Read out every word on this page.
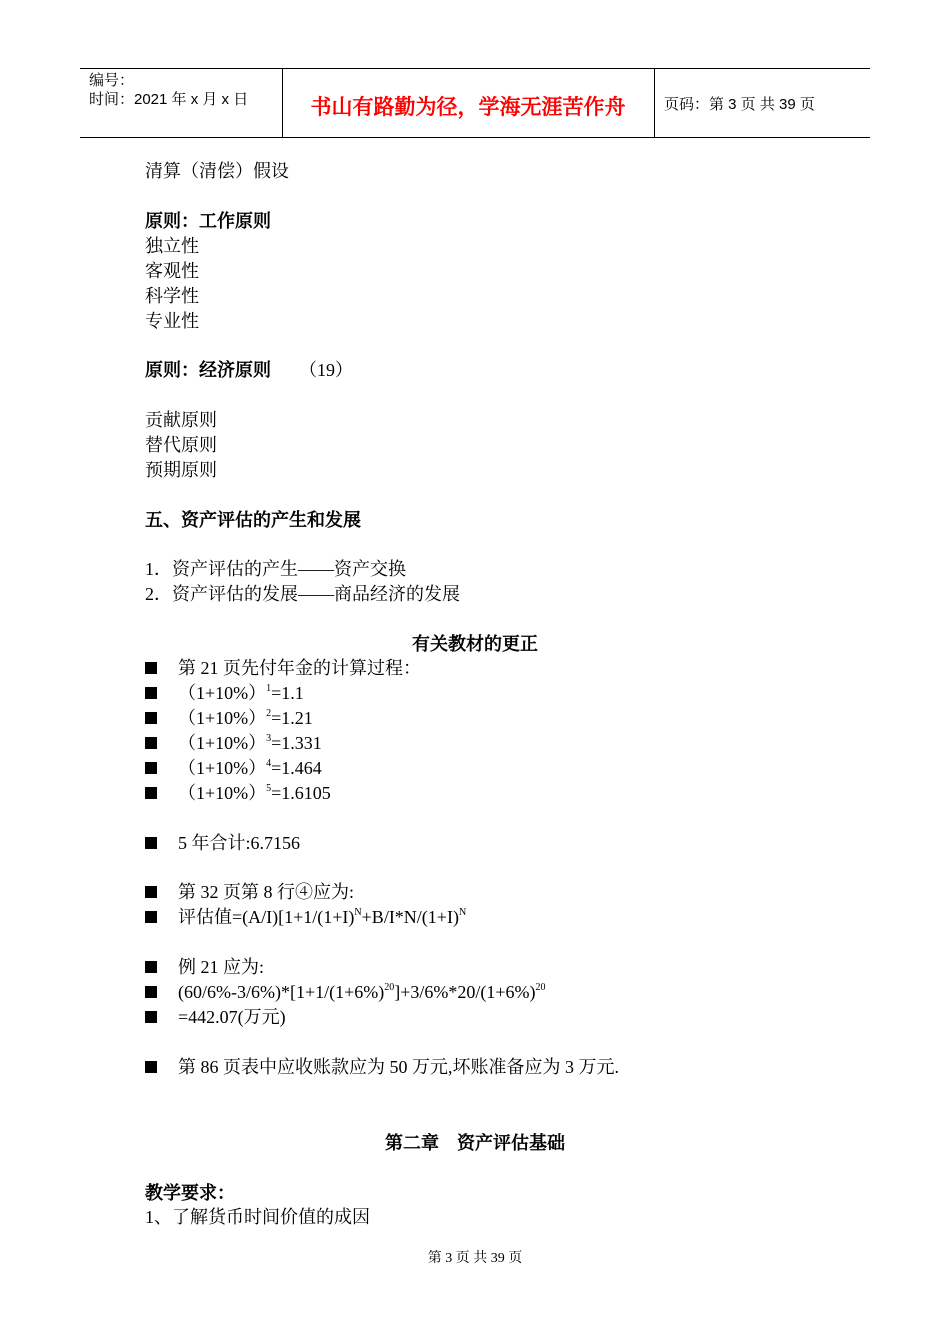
编号：
时间：2021 年 x 月 x 日	书山有路勤为径，学海无涯苦作舟	页码：第 3 页 共 39 页
清算（清偿）假设
原则：工作原则
独立性
客观性
科学性
专业性
原则：经济原则 （19）
贡献原则
替代原则
预期原则
五、资产评估的产生和发展
1．资产评估的产生——资产交换
2．资产评估的发展——商品经济的发展
有关教材的更正
第 21 页先付年金的计算过程：
$(1+10\%)^1=1.1$
$(1+10\%)^2=1.21$
$(1+10\%)^3=1.331$
$(1+10\%)^4=1.464$
$(1+10\%)^5=1.6105$
5 年合计:6.7156
第 32 页第 8 行④应为:
评估值$=(A/I)[1+1/(1+I)^N+B/I*N/(1+I)^N$
例 21 应为:
$(60/6\%-3/6\%)*[1+1/(1+6\%)^{20}]+3/6\%*20/(1+6\%)^{20}$
=442.07(万元)
第 86 页表中应收账款应为 50 万元,坏账准备应为 3 万元.
第二章　资产评估基础
教学要求：
1、了解货币时间价值的成因
第 3 页 共 39 页
